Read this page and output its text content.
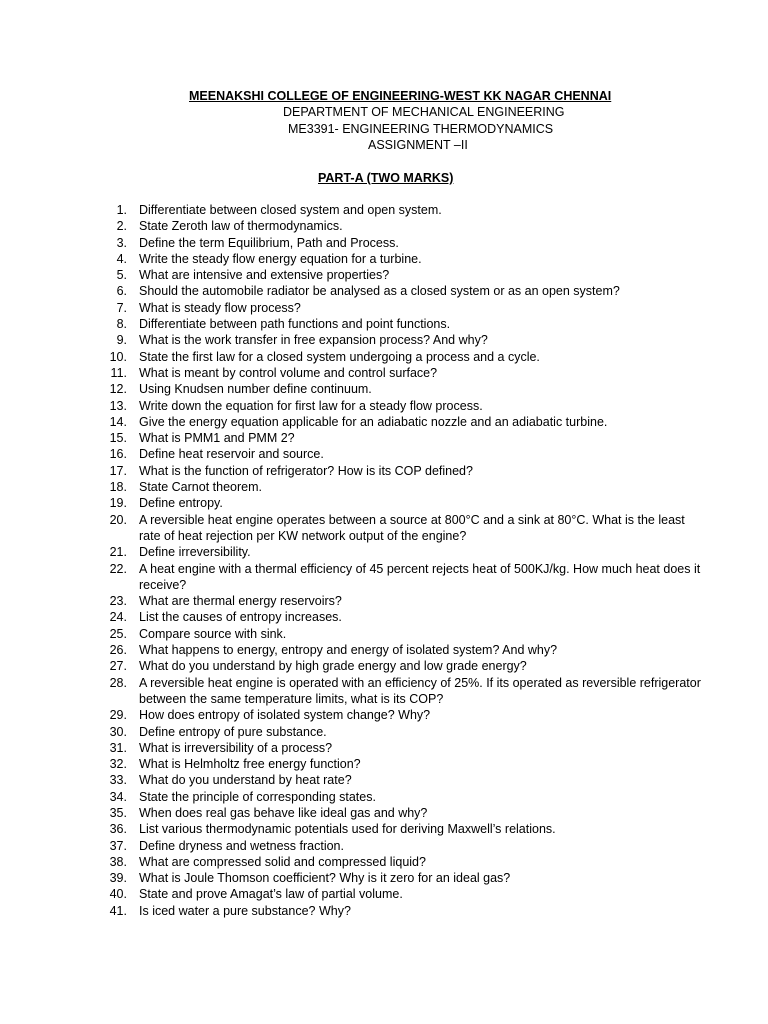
MEENAKSHI COLLEGE OF ENGINEERING-WEST KK NAGAR CHENNAI

DEPARTMENT OF MECHANICAL ENGINEERING

ME3391- ENGINEERING THERMODYNAMICS

ASSIGNMENT –II

PART-A (TWO MARKS)

1. Differentiate between closed system and open system.
2. State Zeroth law of thermodynamics.
3. Define the term Equilibrium, Path and Process.
4. Write the steady flow energy equation for a turbine.
5. What are intensive and extensive properties?
6. Should the automobile radiator be analysed as a closed system or as an open system?
7. What is steady flow process?
8. Differentiate between path functions and point functions.
9. What is the work transfer in free expansion process? And why?
10. State the first law for a closed system undergoing a process and a cycle.
11. What is meant by control volume and control surface?
12. Using Knudsen number define continuum.
13. Write down the equation for first law for a steady flow process.
14. Give the energy equation applicable for an adiabatic nozzle and an adiabatic turbine.
15. What is PMM1 and PMM 2?
16. Define heat reservoir and source.
17. What is the function of refrigerator? How is its COP defined?
18. State Carnot theorem.
19. Define entropy.
20. A reversible heat engine operates between a source at 800°C and a sink at 80°C. What is the least rate of heat rejection per KW network output of the engine?
21. Define irreversibility.
22. A heat engine with a thermal efficiency of 45 percent rejects heat of 500KJ/kg. How much heat does it receive?
23. What are thermal energy reservoirs?
24. List the causes of entropy increases.
25. Compare source with sink.
26. What happens to energy, entropy and energy of isolated system? And why?
27. What do you understand by high grade energy and low grade energy?
28. A reversible heat engine is operated with an efficiency of 25%. If its operated as reversible refrigerator between the same temperature limits, what is its COP?
29. How does entropy of isolated system change? Why?
30. Define entropy of pure substance.
31. What is irreversibility of a process?
32. What is Helmholtz free energy function?
33. What do you understand by heat rate?
34. State the principle of corresponding states.
35. When does real gas behave like ideal gas and why?
36. List various thermodynamic potentials used for deriving Maxwell’s relations.
37. Define dryness and wetness fraction.
38. What are compressed solid and compressed liquid?
39. What is Joule Thomson coefficient? Why is it zero for an ideal gas?
40. State and prove Amagat’s law of partial volume.
41. Is iced water a pure substance? Why?
